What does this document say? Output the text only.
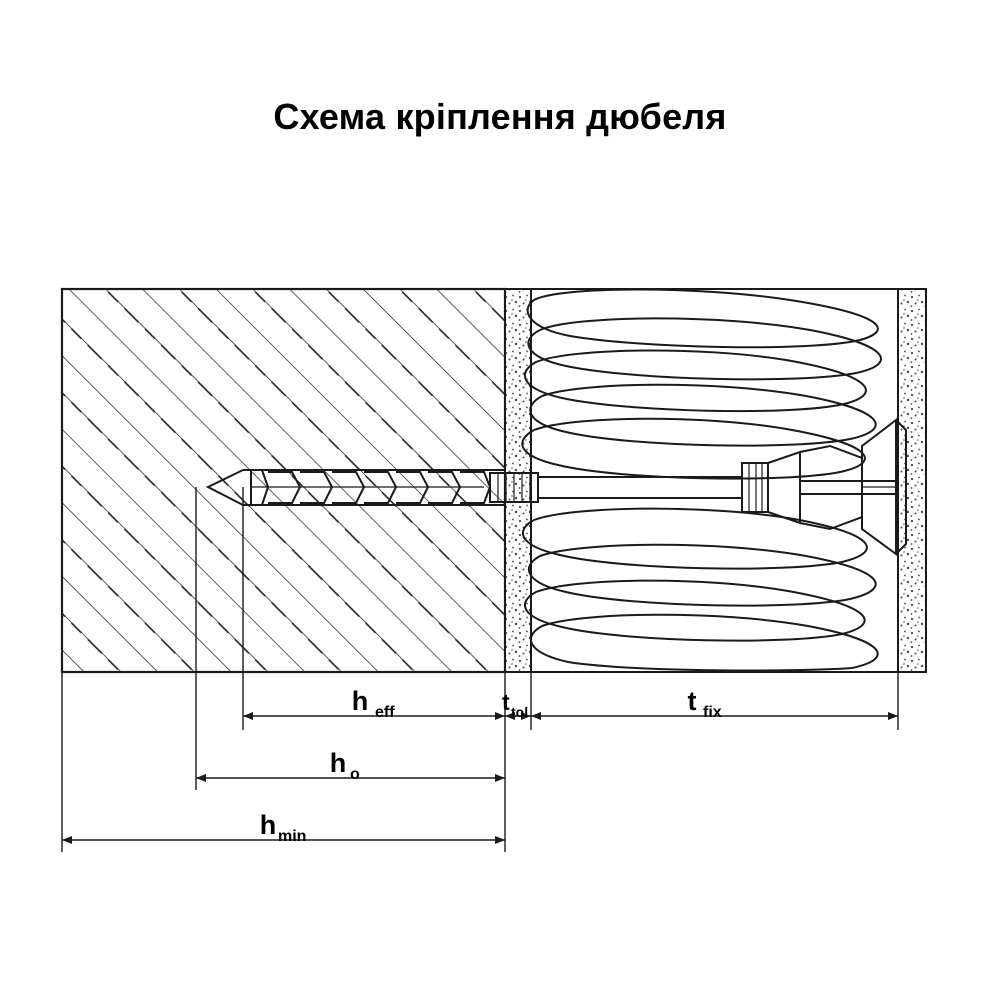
Схема кріплення дюбеля
h eff	t tol	t fix
h o
h min
